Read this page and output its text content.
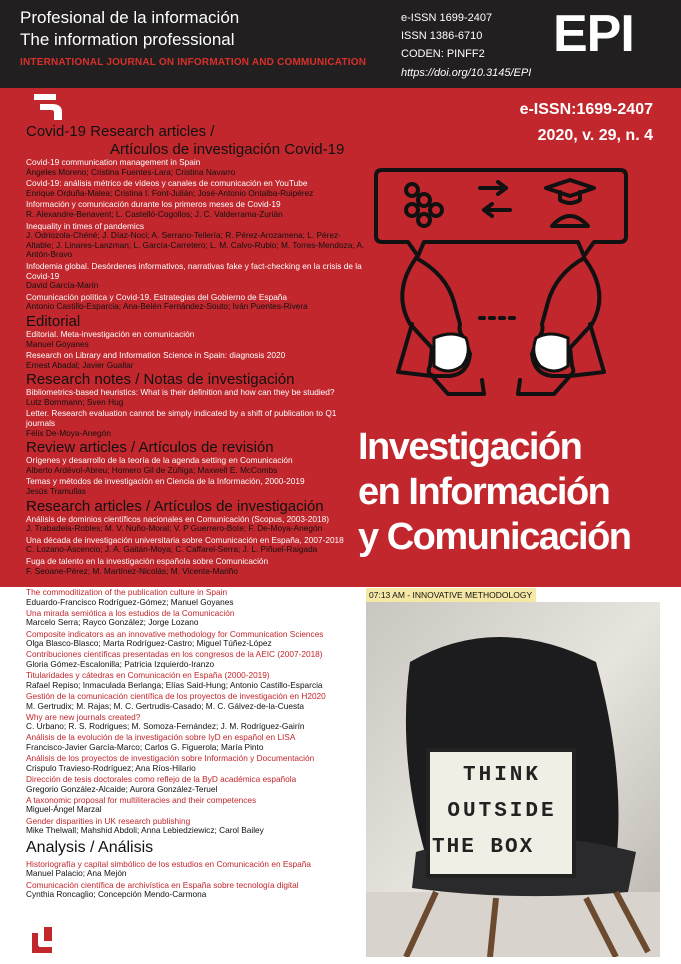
Profesional de la información
The information professional
INTERNATIONAL JOURNAL ON INFORMATION AND COMMUNICATION
e-ISSN 1699-2407
ISSN 1386-6710
CODEN: PINFF2
https://doi.org/10.3145/EPI
EPI
e-ISSN:1699-2407
2020, v. 29, n. 4
Covid-19 Research articles /
Artículos de investigación Covid-19
Covid-19 communication management in Spain
Ángeles Moreno; Cristina Fuentes-Lara; Cristina Navarro
Covid-19: análisis métrico de vídeos y canales de comunicación en YouTube
Enrique Orduña-Malea; Cristina I. Font-Julián; José-Antonio Ontalba-Ruipérez
Información y comunicación durante los primeros meses de Covid-19
R. Alexandre-Benavent; L. Castelló-Cogollos; J. C. Valderrama-Zurián
Inequality in times of pandemics
J. Odriozola-Chéné; J. Díaz-Noci; A. Serrano-Tellería; R. Pérez-Arozamena; L. Pérez-Altable; J. Linares-Lanzman; L. García-Carretero; L. M. Calvo-Rubio; M. Torres-Mendoza; A. Antón-Bravo
Infodemia global. Desórdenes informativos, narrativas fake y fact-checking en la crisis de la Covid-19
David García-Marín
Comunicación política y Covid-19. Estrategias del Gobierno de España
Antonio Castillo-Esparcia; Ana-Belén Fernández-Souto; Iván Puentes-Rivera
Editorial
Editorial. Meta-investigación en comunicación
Manuel Goyanes
Research on Library and Information Science in Spain: diagnosis 2020
Ernest Abadal; Javier Guallar
Research notes / Notas de investigación
Bibliometrics-based heuristics: What is their definition and how can they be studied?
Lutz Bornmann; Sven Hug
Letter. Research evaluation cannot be simply indicated by a shift of publication to Q1 journals
Félix De-Moya-Anegón
Review articles / Artículos de revisión
Orígenes y desarrollo de la teoría de la agenda setting en Comunicación
Alberto Ardèvol-Abreu; Homero Gil de Zúñiga; Maxwell E. McCombs
Temas y métodos de investigación en Ciencia de la Información, 2000-2019
Jesús Tramullas
Research articles / Artículos de investigación
Análisis de dominios científicos nacionales en Comunicación (Scopus, 2003-2018)
J. Trabadela-Robles; M. V. Nuño-Moral; V. P Guerrero-Bote; F. De-Moya-Anegón
Una década de investigación universitaria sobre Comunicación en España, 2007-2018
C. Lozano-Ascencio; J. A. Gaitán-Moya; C. Caffarel-Serra; J. L. Piñuel-Raigada
Fuga de talento en la investigación española sobre Comunicación
F. Seoane-Pérez; M. Martínez-Nicolás; M. Vicente-Mariño
Investigación
en Información
y Comunicación
07:13 AM - INNOVATIVE METHODOLOGY
THINK
OUTSIDE
THE BOX
The commoditization of the publication culture in Spain
Eduardo-Francisco Rodríguez-Gómez; Manuel Goyanes
Una mirada semiótica a los estudios de la Comunicación
Marcelo Serra; Rayco González; Jorge Lozano
Composite indicators as an innovative methodology for Communication Sciences
Olga Blasco-Blasco; Marta Rodríguez-Castro; Miguel Túñez-López
Contribuciones científicas presentadas en los congresos de la AEIC (2007-2018)
Gloria Gómez-Escalonilla; Patricia Izquierdo-Iranzo
Titularidades y cátedras en Comunicación en España (2000-2019)
Rafael Repiso; Inmaculada Berlanga; Elías Said-Hung; Antonio Castillo-Esparcia
Gestión de la comunicación científica de los proyectos de investigación en H2020
M. Gertrudix; M. Rajas; M. C. Gertrudis-Casado; M. C. Gálvez-de-la-Cuesta
Why are new journals created?
C. Urbano; R. S. Rodrigues; M. Somoza-Fernández; J. M. Rodríguez-Gairín
Análisis de la evolución de la investigación sobre IyD en español en LISA
Francisco-Javier García-Marco; Carlos G. Figuerola; María Pinto
Análisis de los proyectos de investigación sobre Información y Documentación
Crispulo Travieso-Rodríguez; Ana Ríos-Hilario
Dirección de tesis doctorales como reflejo de la ByD académica española
Gregorio González-Alcaide; Aurora González-Teruel
A taxonomic proposal for multiliteracies and their competences
Miguel-Ángel Marzal
Gender disparities in UK research publishing
Mike Thelwall; Mahshid Abdoli; Anna Lebiedziewicz; Carol Bailey
Analysis / Análisis
Historiografía y capital simbólico de los estudios en Comunicación en España
Manuel Palacio; Ana Mejón
Comunicación científica de archivística en España sobre tecnología digital
Cynthia Roncaglio; Concepción Mendo-Carmona
